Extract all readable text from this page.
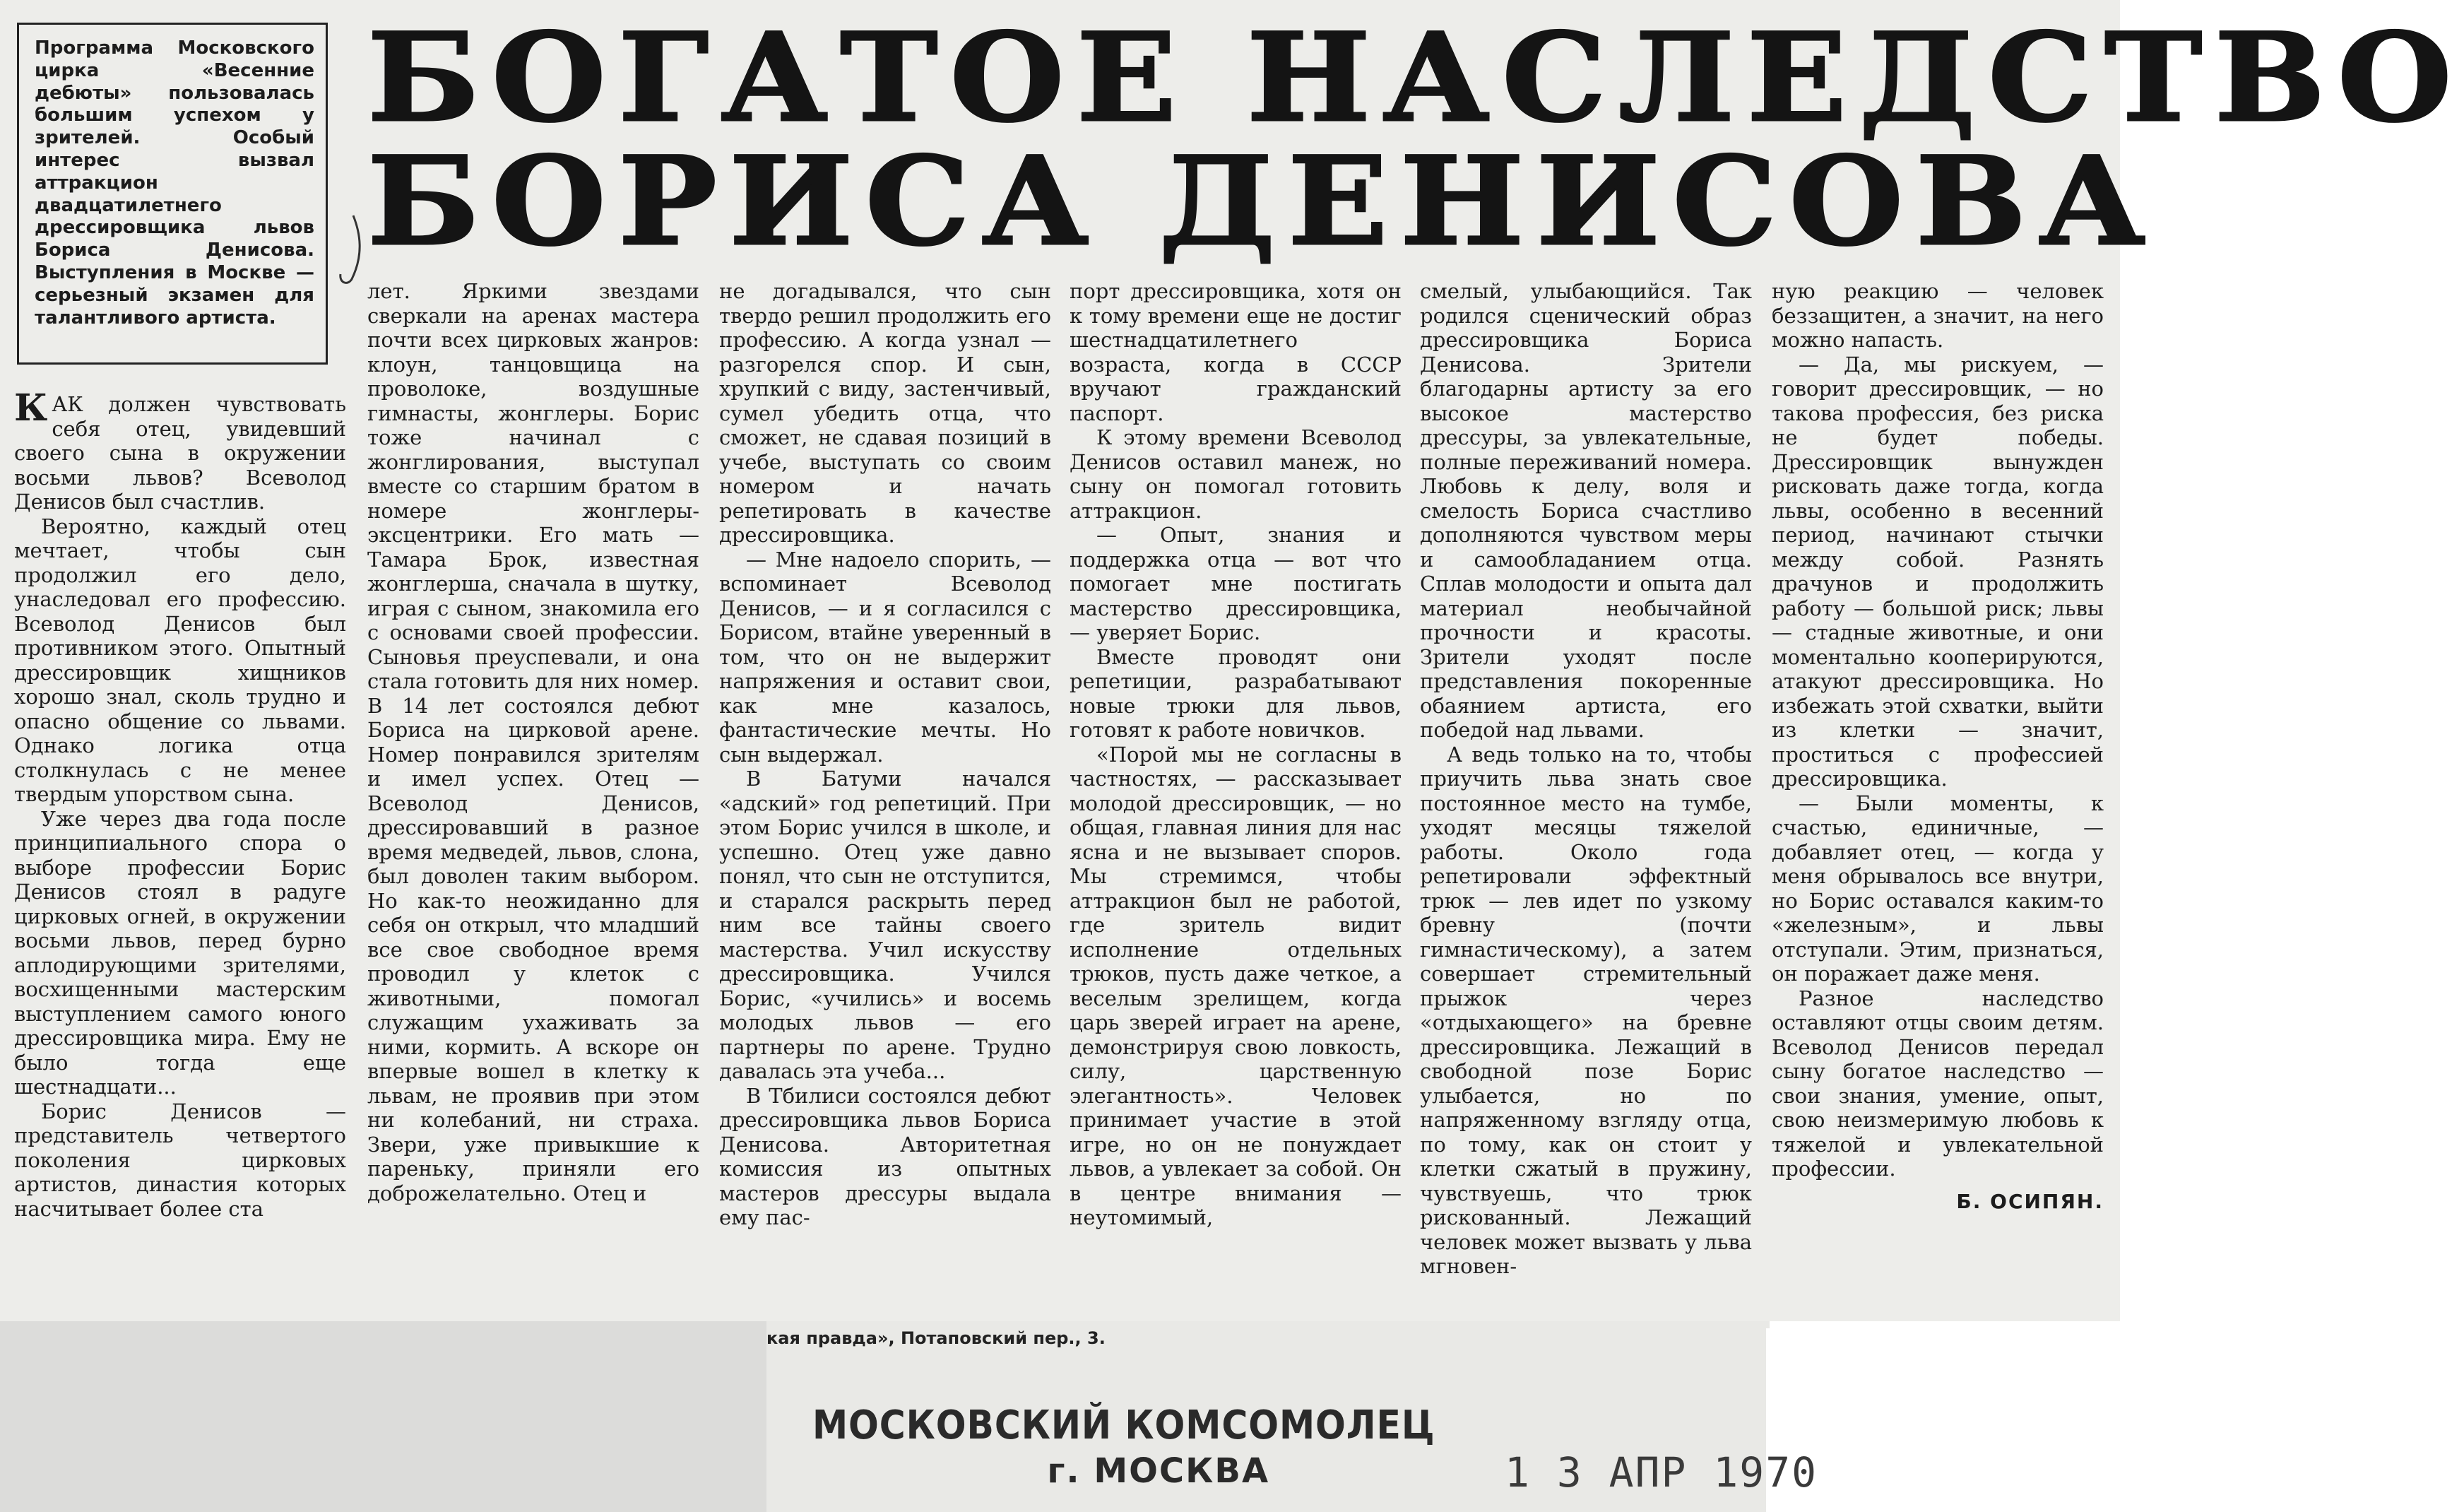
Программа Московского цирка «Весенние дебюты» пользовалась большим успехом у зрителей. Особый интерес вызвал аттракцион двадцатилетнего дрессировщика львов Бориса Денисова. Выступления в Москве — серьезный экзамен для талантливого артиста.
БОГАТОЕ НАСЛЕДСТВО
БОРИСА ДЕНИСОВА

КАК должен чувствовать себя отец, увидевший своего сына в окружении восьми львов? Всеволод Денисов был счастлив.

Вероятно, каждый отец мечтает, чтобы сын продолжил его дело, унаследовал его профессию. Всеволод Денисов был противником этого. Опытный дрессировщик хищников хорошо знал, сколь трудно и опасно общение со львами. Однако логика отца столкнулась с не менее твердым упорством сына.

Уже через два года после принципиального спора о выборе профессии Борис Денисов стоял в радуге цирковых огней, в окружении восьми львов, перед бурно аплодирующими зрителями, восхищенными мастерским выступлением самого юного дрессировщика мира. Ему не было тогда еще шестнадцати...

Борис Денисов — представитель четвертого поколения цирковых артистов, династия которых насчитывает более ста

лет. Яркими звездами сверкали на аренах мастера почти всех цирковых жанров: клоун, танцовщица на проволоке, воздушные гимнасты, жонглеры. Борис тоже начинал с жонглирования, выступал вместе со старшим братом в номере жонглеры-эксцентрики. Его мать — Тамара Брок, известная жонглерша, сначала в шутку, играя с сыном, знакомила его с основами своей профессии. Сыновья преуспевали, и она стала готовить для них номер. В 14 лет состоялся дебют Бориса на цирковой арене. Номер понравился зрителям и имел успех. Отец — Всеволод Денисов, дрессировавший в разное время медведей, львов, слона, был доволен таким выбором. Но как-то неожиданно для себя он открыл, что младший все свое свободное время проводил у клеток с животными, помогал служащим ухаживать за ними, кормить. А вскоре он впервые вошел в клетку к львам, не проявив при этом ни колебаний, ни страха. Звери, уже привыкшие к пареньку, приняли его доброжелательно. Отец и

не догадывался, что сын твердо решил продолжить его профессию. А когда узнал — разгорелся спор. И сын, хрупкий с виду, застенчивый, сумел убедить отца, что сможет, не сдавая позиций в учебе, выступать со своим номером и начать репетировать в качестве дрессировщика.

— Мне надоело спорить, — вспоминает Всеволод Денисов, — и я согласился с Борисом, втайне уверенный в том, что он не выдержит напряжения и оставит свои, как мне казалось, фантастические мечты. Но сын выдержал.

В Батуми начался «адский» год репетиций. При этом Борис учился в школе, и успешно. Отец уже давно понял, что сын не отступится, и старался раскрыть перед ним все тайны своего мастерства. Учил искусству дрессировщика. Учился Борис, «учились» и восемь молодых львов — его партнеры по арене. Трудно давалась эта учеба...

В Тбилиси состоялся дебют дрессировщика львов Бориса Денисова. Авторитетная комиссия из опытных мастеров дрессуры выдала ему пас-

порт дрессировщика, хотя он к тому времени еще не достиг шестнадцатилетнего возраста, когда в СССР вручают гражданский паспорт.

К этому времени Всеволод Денисов оставил манеж, но сыну он помогал готовить аттракцион.

— Опыт, знания и поддержка отца — вот что помогает мне постигать мастерство дрессировщика, — уверяет Борис.

Вместе проводят они репетиции, разрабатывают новые трюки для львов, готовят к работе новичков.

«Порой мы не согласны в частностях, — рассказывает молодой дрессировщик, — но общая, главная линия для нас ясна и не вызывает споров. Мы стремимся, чтобы аттракцион был не работой, где зритель видит исполнение отдельных трюков, пусть даже четкое, а веселым зрелищем, когда царь зверей играет на арене, демонстрируя свою ловкость, силу, царственную элегантность». Человек принимает участие в этой игре, но он не понуждает львов, а увлекает за собой. Он в центре внимания — неутомимый,

смелый, улыбающийся. Так родился сценический образ дрессировщика Бориса Денисова. Зрители благодарны артисту за его высокое мастерство дрессуры, за увлекательные, полные переживаний номера. Любовь к делу, воля и смелость Бориса счастливо дополняются чувством меры и самообладанием отца. Сплав молодости и опыта дал материал необычайной прочности и красоты. Зрители уходят после представления покоренные обаянием артиста, его победой над львами.

А ведь только на то, чтобы приучить льва знать свое постоянное место на тумбе, уходят месяцы тяжелой работы. Около года репетировали эффектный трюк — лев идет по узкому бревну (почти гимнастическому), а затем совершает стремительный прыжок через «отдыхающего» на бревне дрессировщика. Лежащий в свободной позе Борис улыбается, но по напряженному взгляду отца, по тому, как он стоит у клетки сжатый в пружину, чувствуешь, что трюк рискованный. Лежащий человек может вызвать у льва мгновен-

ную реакцию — человек беззащитен, а значит, на него можно напасть.

— Да, мы рискуем, — говорит дрессировщик, — но такова профессия, без риска не будет победы. Дрессировщик вынужден рисковать даже тогда, когда львы, особенно в весенний период, начинают стычки между собой. Разнять драчунов и продолжить работу — большой риск; львы — стадные животные, и они моментально кооперируются, атакуют дрессировщика. Но избежать этой схватки, выйти из клетки — значит, проститься с профессией дрессировщика.

— Были моменты, к счастью, единичные, — добавляет отец, — когда у меня обрывалось все внутри, но Борис оставался каким-то «железным», и львы отступали. Этим, признаться, он поражает даже меня.

Разное наследство оставляют отцы своим детям. Всеволод Денисов передал сыну богатое наследство — свои знания, умение, опыт, свою неизмеримую любовь к тяжелой и увлекательной профессии.

Б. ОСИПЯН.
кая правда», Потаповский пер., 3.
МОСКОВСКИЙ КОМСОМОЛЕЦ
г. МОСКВА	1 3 АПР 1970
